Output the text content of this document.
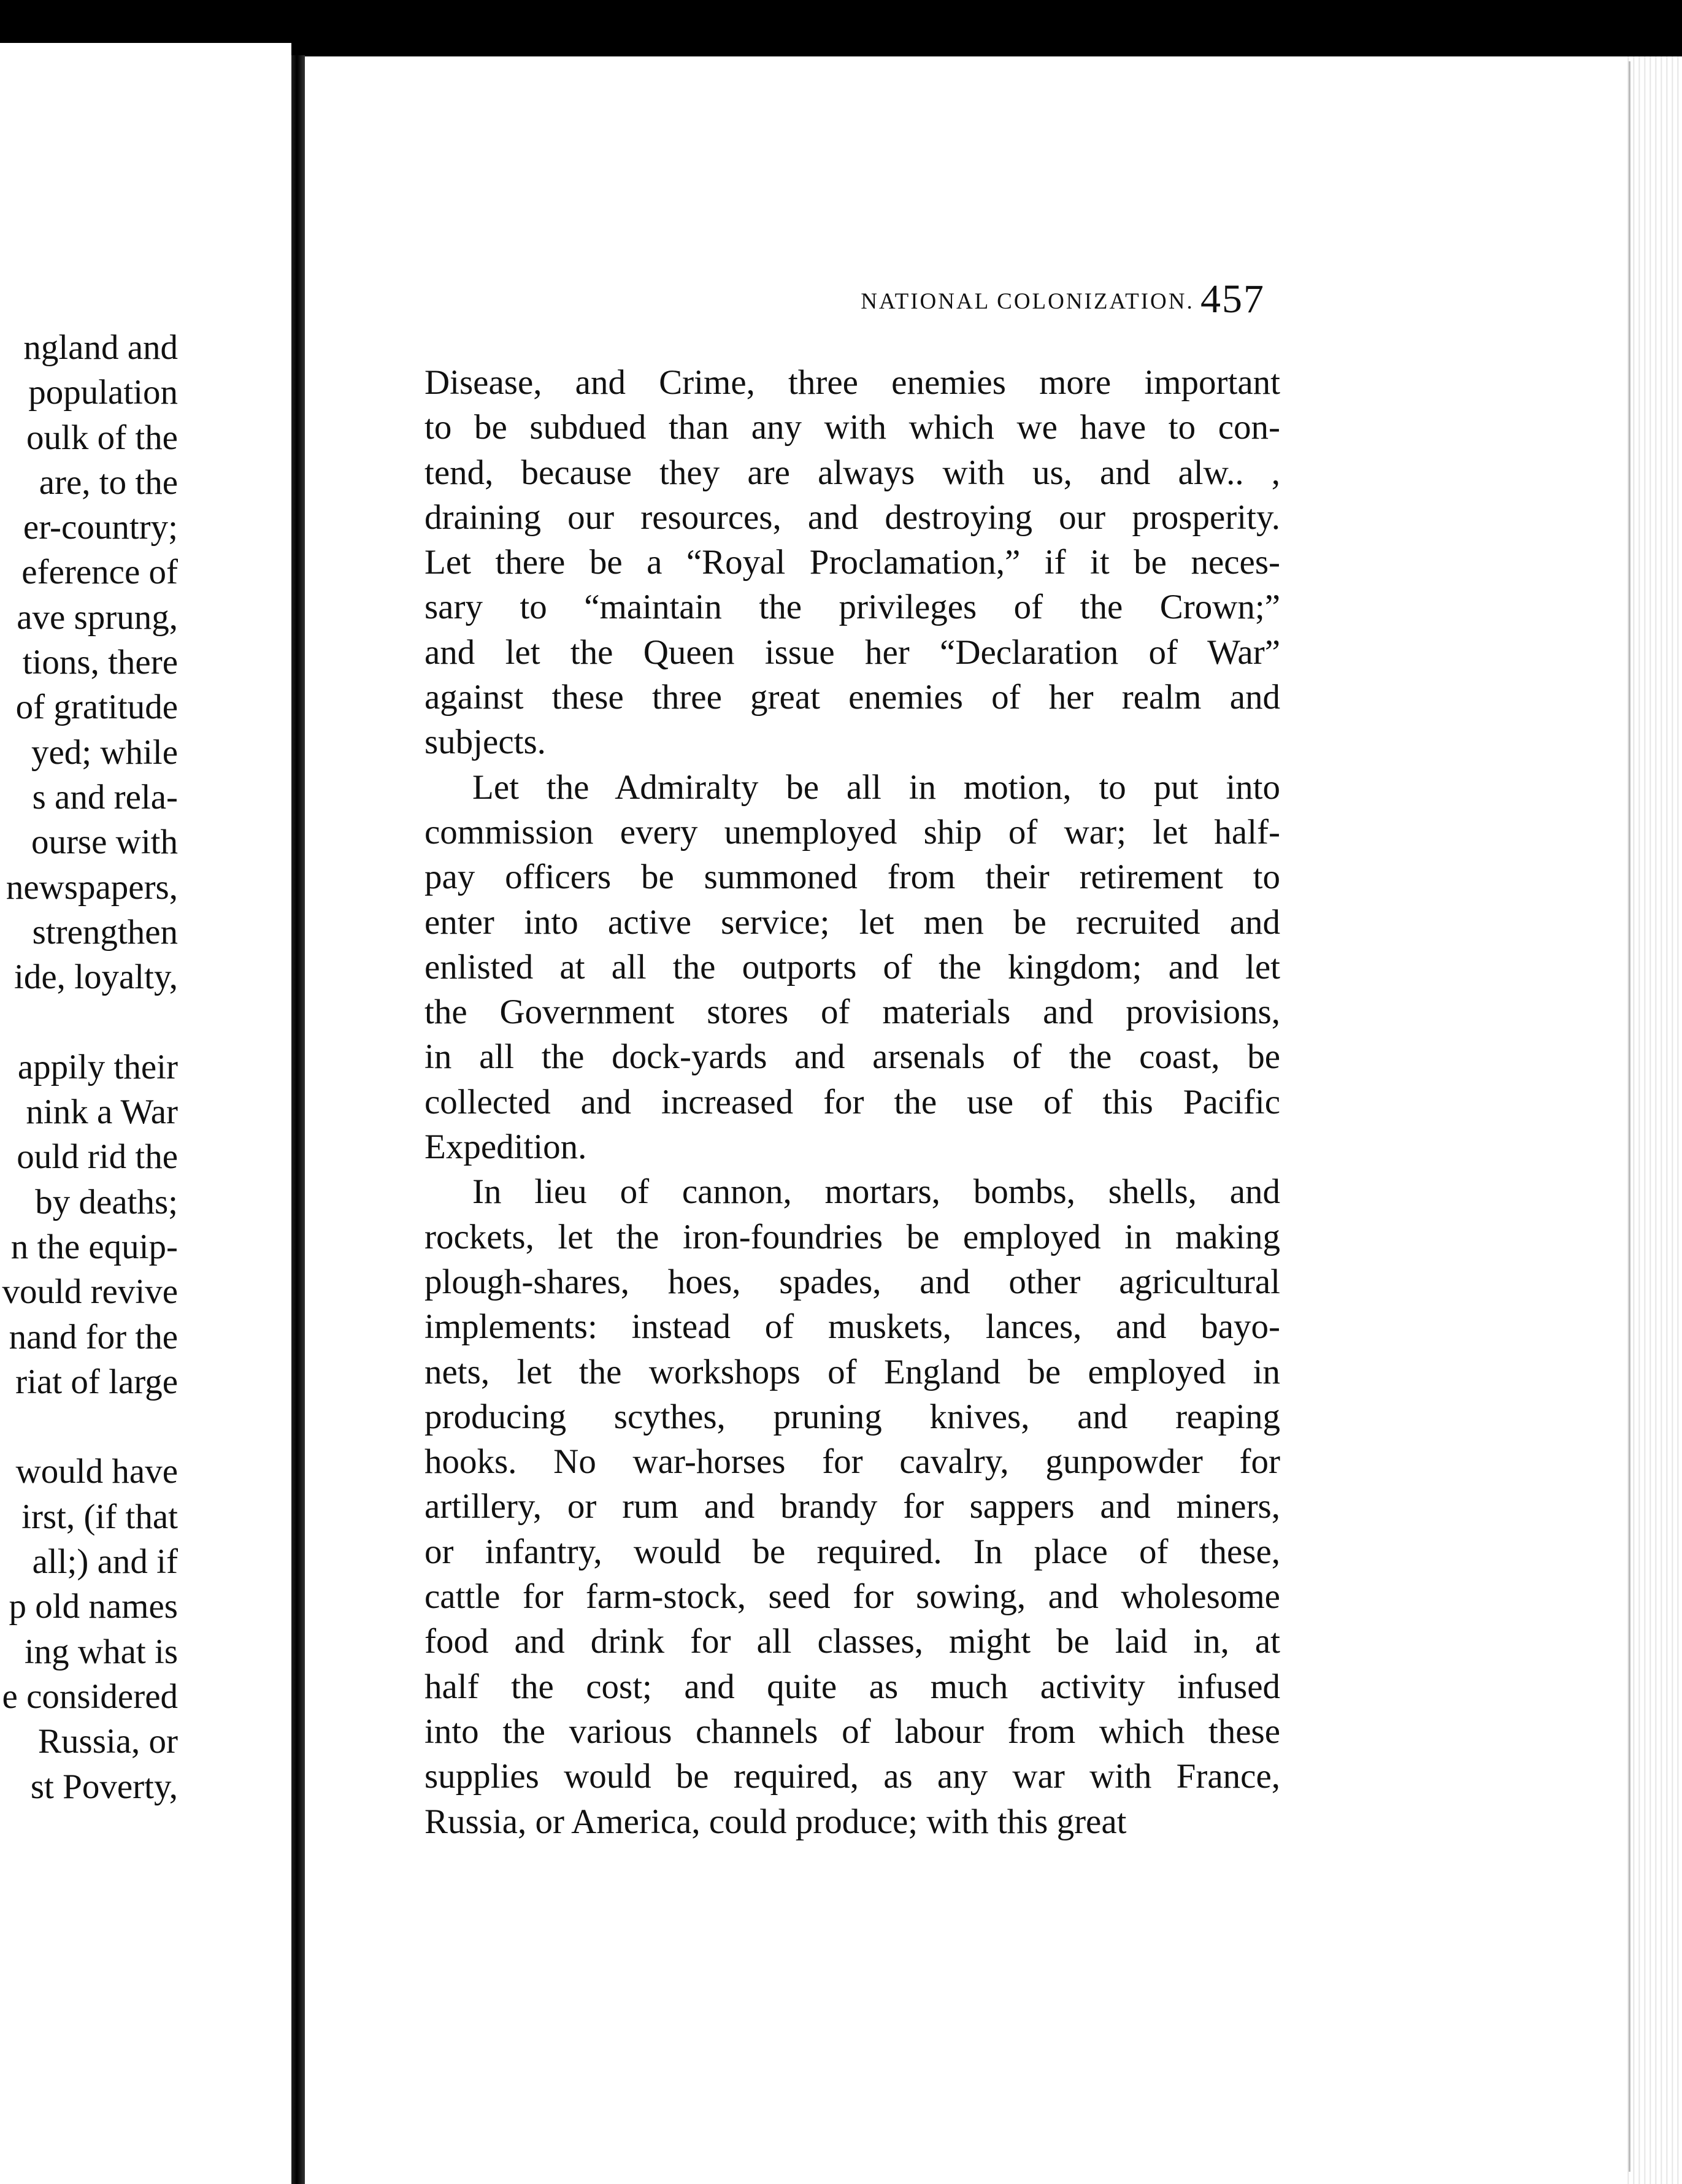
ngland and
population
oulk of the
are, to the
er-country;
eference of
ave sprung,
tions, there
of gratitude
yed; while
s and rela-
ourse with
newspapers,
strengthen
ide, loyalty,
appily their
nink a War
ould rid the
by deaths;
n the equip-
vould revive
nand for the
riat of large
would have
irst, (if that
all;) and if
p old names
ing what is
e considered
Russia, or
st Poverty,
NATIONAL COLONIZATION. 457
Disease, and Crime, three enemies more important
to be subdued than any with which we have to con-
tend, because they are always with us, and alw.. ,
draining our resources, and destroying our prosperity.
Let there be a “Royal Proclamation,” if it be neces-
sary to “maintain the privileges of the Crown;”
and let the Queen issue her “Declaration of War”
against these three great enemies of her realm and
subjects.
Let the Admiralty be all in motion, to put into
commission every unemployed ship of war; let half-
pay officers be summoned from their retirement to
enter into active service; let men be recruited and
enlisted at all the outports of the kingdom; and let
the Government stores of materials and provisions,
in all the dock-yards and arsenals of the coast, be
collected and increased for the use of this Pacific
Expedition.
In lieu of cannon, mortars, bombs, shells, and
rockets, let the iron-foundries be employed in making
plough-shares, hoes, spades, and other agricultural
implements: instead of muskets, lances, and bayo-
nets, let the workshops of England be employed in
producing scythes, pruning knives, and reaping
hooks. No war-horses for cavalry, gunpowder for
artillery, or rum and brandy for sappers and miners,
or infantry, would be required. In place of these,
cattle for farm-stock, seed for sowing, and wholesome
food and drink for all classes, might be laid in, at
half the cost; and quite as much activity infused
into the various channels of labour from which these
supplies would be required, as any war with France,
Russia, or America, could produce; with this great
